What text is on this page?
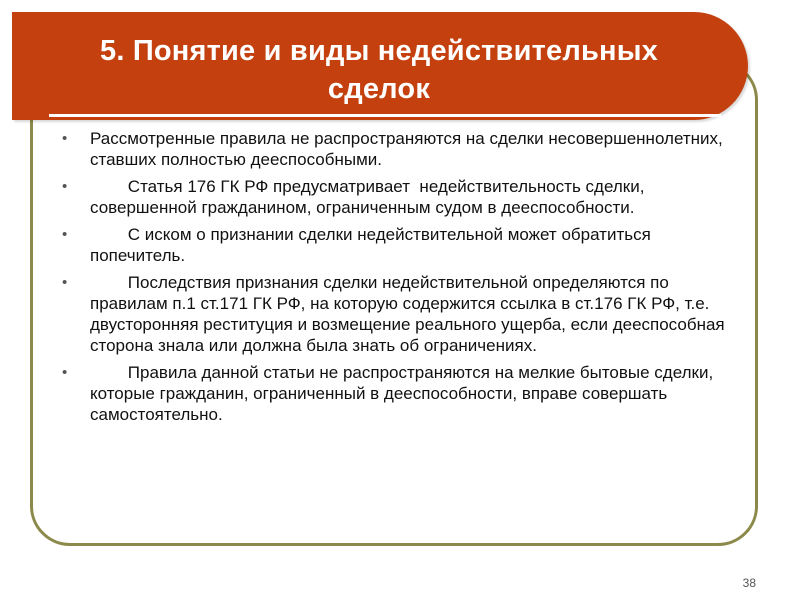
5. Понятие и виды недействительных
сделок
• Рассмотренные правила не распространяются на сделки несовершеннолетних, ставших полностью дееспособными.
• Статья 176 ГК РФ предусматривает  недействительность сделки, совершенной гражданином, ограниченным судом в дееспособности.
• С иском о признании сделки недействительной может обратиться попечитель.
• Последствия признания сделки недействительной определяются по правилам п.1 ст.171 ГК РФ, на которую содержится ссылка в ст.176 ГК РФ, т.е. двусторонняя реституция и возмещение реального ущерба, если дееспособная сторона знала или должна была знать об ограничениях.
• Правила данной статьи не распространяются на мелкие бытовые сделки, которые гражданин, ограниченный в дееспособности, вправе совершать самостоятельно.
38
